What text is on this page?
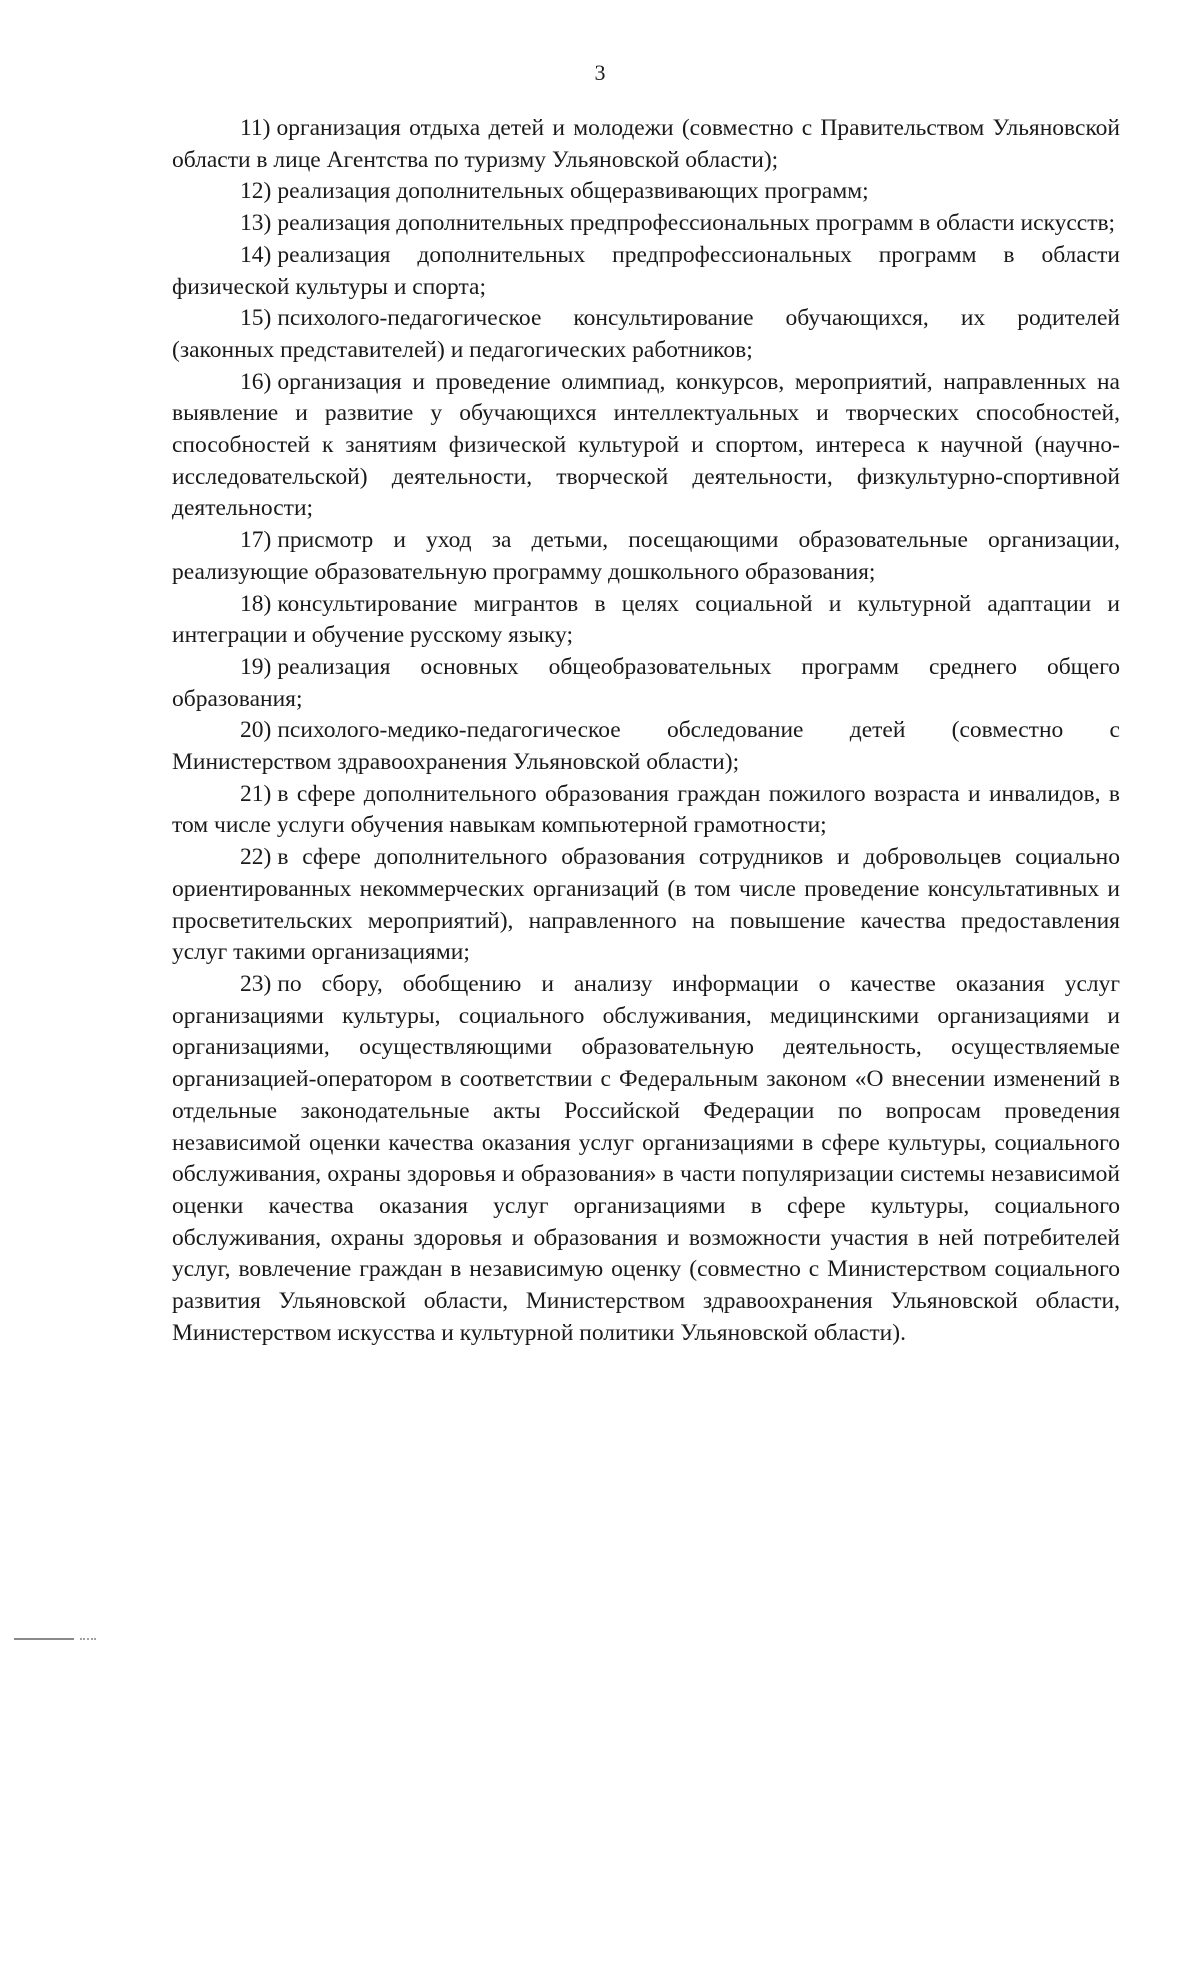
3

11) организация отдыха детей и молодежи (совместно с Правительством Ульяновской области в лице Агентства по туризму Ульяновской области);

12) реализация дополнительных общеразвивающих программ;

13) реализация дополнительных предпрофессиональных программ в области искусств;

14) реализация дополнительных предпрофессиональных программ в области физической культуры и спорта;

15) психолого-педагогическое консультирование обучающихся, их родителей (законных представителей) и педагогических работников;

16) организация и проведение олимпиад, конкурсов, мероприятий, направленных на выявление и развитие у обучающихся интеллектуальных и творческих способностей, способностей к занятиям физической культурой и спортом, интереса к научной (научно-исследовательской) деятельности, творческой деятельности, физкультурно-спортивной деятельности;

17) присмотр и уход за детьми, посещающими образовательные организации, реализующие образовательную программу дошкольного образования;

18) консультирование мигрантов в целях социальной и культурной адаптации и интеграции и обучение русскому языку;

19) реализация основных общеобразовательных программ среднего общего образования;

20) психолого-медико-педагогическое обследование детей (совместно с Министерством здравоохранения Ульяновской области);

21) в сфере дополнительного образования граждан пожилого возраста и инвалидов, в том числе услуги обучения навыкам компьютерной грамотности;

22) в сфере дополнительного образования сотрудников и добровольцев социально ориентированных некоммерческих организаций (в том числе проведение консультативных и просветительских мероприятий), направленного на повышение качества предоставления услуг такими организациями;

23) по сбору, обобщению и анализу информации о качестве оказания услуг организациями культуры, социального обслуживания, медицинскими организациями и организациями, осуществляющими образовательную деятельность, осуществляемые организацией-оператором в соответствии с Федеральным законом «О внесении изменений в отдельные законодательные акты Российской Федерации по вопросам проведения независимой оценки качества оказания услуг организациями в сфере культуры, социального обслуживания, охраны здоровья и образования» в части популяризации системы независимой оценки качества оказания услуг организациями в сфере культуры, социального обслуживания, охраны здоровья и образования и возможности участия в ней потребителей услуг, вовлечение граждан в независимую оценку (совместно с Министерством социального развития Ульяновской области, Министерством здравоохранения Ульяновской области, Министерством искусства и культурной политики Ульяновской области).
